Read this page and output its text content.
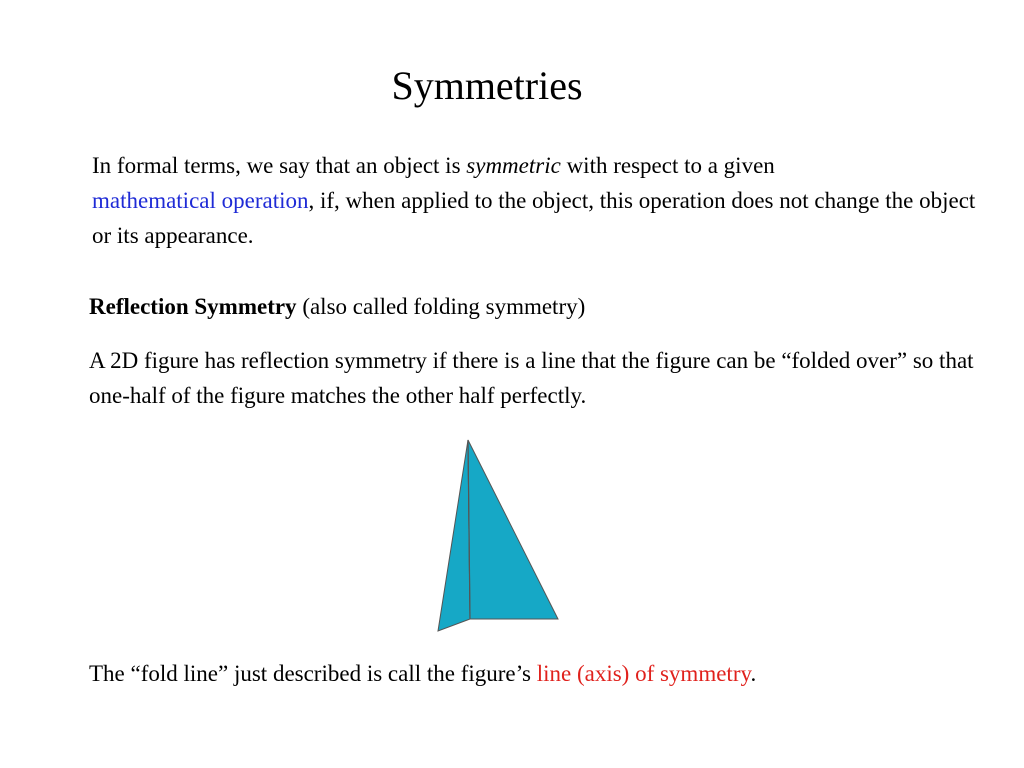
Symmetries
In formal terms, we say that an object is symmetric with respect to a given
mathematical operation, if, when applied to the object, this operation does not change the object or its appearance.
Reflection Symmetry (also called folding symmetry)
A 2D figure has reflection symmetry if there is a line that the figure can be “folded over” so that one-half of the figure matches the other half perfectly.
The “fold line” just described is call the figure’s line (axis) of symmetry.
